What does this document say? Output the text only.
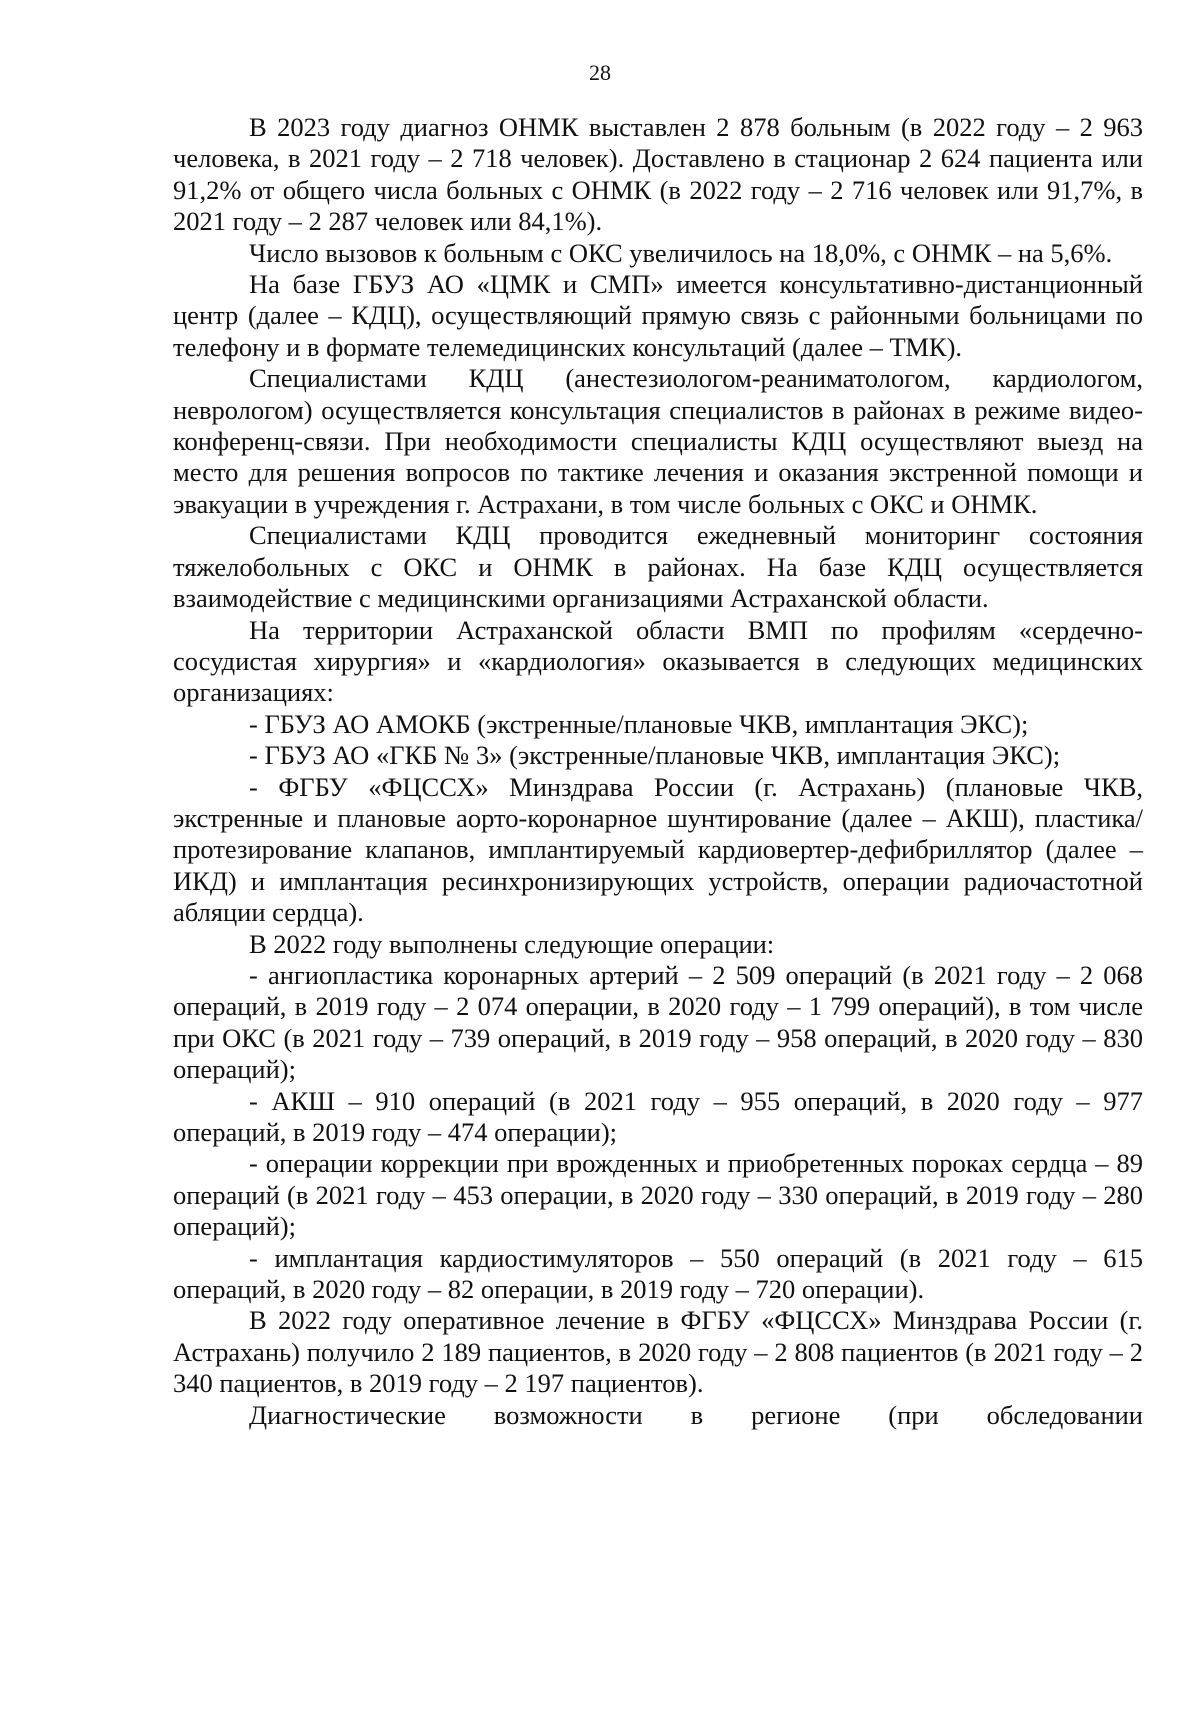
28

В 2023 году диагноз ОНМК выставлен 2 878 больным (в 2022 году – 2 963 человека, в 2021 году – 2 718 человек). Доставлено в стационар 2 624 пациента или 91,2% от общего числа больных с ОНМК (в 2022 году – 2 716 человек или 91,7%, в 2021 году – 2 287 человек или 84,1%).

Число вызовов к больным с ОКС увеличилось на 18,0%, с ОНМК – на 5,6%.

На базе ГБУЗ АО «ЦМК и СМП» имеется консультативно-дистанционный центр (далее – КДЦ), осуществляющий прямую связь с районными больницами по телефону и в формате телемедицинских консультаций (далее – ТМК).

Специалистами КДЦ (анестезиологом-реаниматологом, кардиологом, неврологом) осуществляется консультация специалистов в районах в режиме видео-конференц-связи. При необходимости специалисты КДЦ осуществляют выезд на место для решения вопросов по тактике лечения и оказания экстренной помощи и эвакуации в учреждения г. Астрахани, в том числе больных с ОКС и ОНМК.

Специалистами КДЦ проводится ежедневный мониторинг состояния тяжелобольных с ОКС и ОНМК в районах. На базе КДЦ осуществляется взаимодействие с медицинскими организациями Астраханской области.

На территории Астраханской области ВМП по профилям «сердечно-сосудистая хирургия» и «кардиология» оказывается в следующих медицинских организациях:

- ГБУЗ АО АМОКБ (экстренные/плановые ЧКВ, имплантация ЭКС);

- ГБУЗ АО «ГКБ № 3» (экстренные/плановые ЧКВ, имплантация ЭКС);

- ФГБУ «ФЦССХ» Минздрава России (г. Астрахань) (плановые ЧКВ, экстренные и плановые аорто-коронарное шунтирование (далее – АКШ), пластика/протезирование клапанов, имплантируемый кардиовертер-дефибриллятор (далее – ИКД) и имплантация ресинхронизирующих устройств, операции радиочастотной абляции сердца).

В 2022 году выполнены следующие операции:

- ангиопластика коронарных артерий – 2 509 операций (в 2021 году – 2 068 операций, в 2019 году – 2 074 операции, в 2020 году – 1 799 операций), в том числе при ОКС (в 2021 году – 739 операций, в 2019 году – 958 операций, в 2020 году – 830 операций);

- АКШ – 910 операций (в 2021 году – 955 операций, в 2020 году – 977 операций, в 2019 году – 474 операции);

- операции коррекции при врожденных и приобретенных пороках сердца – 89 операций (в 2021 году – 453 операции, в 2020 году – 330 операций, в 2019 году – 280 операций);

- имплантация кардиостимуляторов – 550 операций (в 2021 году – 615 операций, в 2020 году – 82 операции, в 2019 году – 720 операции).

В 2022 году оперативное лечение в ФГБУ «ФЦССХ» Минздрава России (г. Астрахань) получило 2 189 пациентов, в 2020 году – 2 808 пациентов (в 2021 году – 2 340 пациентов, в 2019 году – 2 197 пациентов).

Диагностические возможности в регионе (при обследовании
